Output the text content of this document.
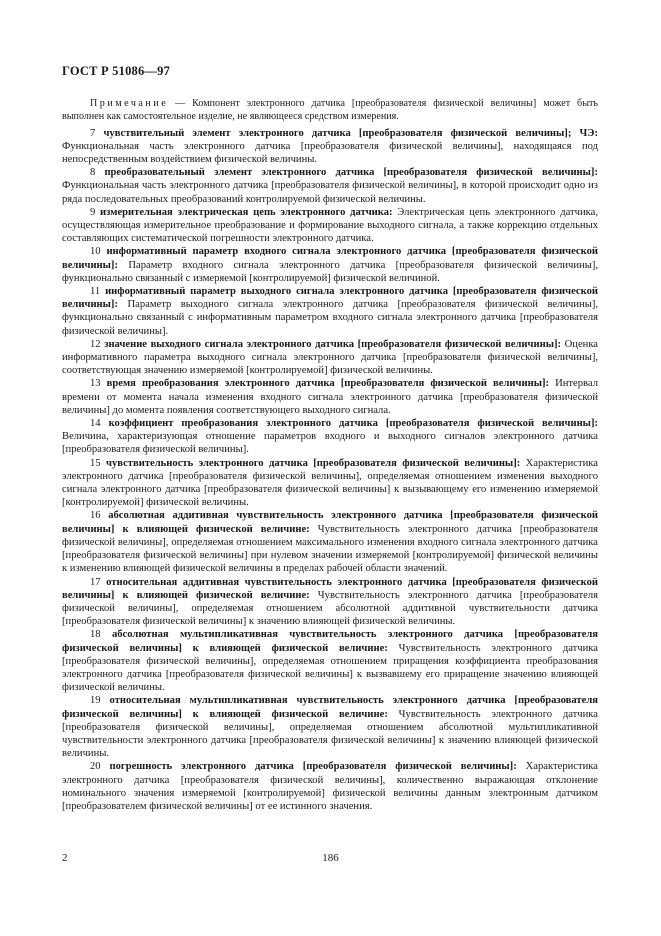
ГОСТ Р 51086—97

Примечание — Компонент электронного датчика [преобразователя физической величины] может быть выполнен как самостоятельное изделие, не являющееся средством измерения.

7 чувствительный элемент электронного датчика [преобразователя физической величины]; ЧЭ: Функциональная часть электронного датчика [преобразователя физической величины], находящаяся под непосредственным воздействием физической величины.

8 преобразовательный элемент электронного датчика [преобразователя физической величины]: Функциональная часть электронного датчика [преобразователя физической величины], в которой происходит одно из ряда последовательных преобразований контролируемой физической величины.

9 измерительная электрическая цепь электронного датчика: Электрическая цепь электронного датчика, осуществляющая измерительное преобразование и формирование выходного сигнала, а также коррекцию отдельных составляющих систематической погрешности электронного датчика.

10 информативный параметр входного сигнала электронного датчика [преобразователя физической величины]: Параметр входного сигнала электронного датчика [преобразователя физической величины], функционально связанный с измеряемой [контролируемой] физической величиной.

11 информативный параметр выходного сигнала электронного датчика [преобразователя физической величины]: Параметр выходного сигнала электронного датчика [преобразователя физической величины], функционально связанный с информативным параметром входного сигнала электронного датчика [преобразователя физической величины].

12 значение выходного сигнала электронного датчика [преобразователя физической величины]: Оценка информативного параметра выходного сигнала электронного датчика [преобразователя физической величины], соответствующая значению измеряемой [контролируемой] физической величины.

13 время преобразования электронного датчика [преобразователя физической величины]: Интервал времени от момента начала изменения входного сигнала электронного датчика [преобразователя физической величины] до момента появления соответствующего выходного сигнала.

14 коэффициент преобразования электронного датчика [преобразователя физической величины]: Величина, характеризующая отношение параметров входного и выходного сигналов электронного датчика [преобразователя физической величины].

15 чувствительность электронного датчика [преобразователя физической величины]: Характеристика электронного датчика [преобразователя физической величины], определяемая отношением изменения выходного сигнала электронного датчика [преобразователя физической величины] к вызывающему его изменению измеряемой [контролируемой] физической величины.

16 абсолютная аддитивная чувствительность электронного датчика [преобразователя физической величины] к влияющей физической величине: Чувствительность электронного датчика [преобразователя физической величины], определяемая отношением максимального изменения входного сигнала электронного датчика [преобразователя физической величины] при нулевом значении измеряемой [контролируемой] физической величины к изменению влияющей физической величины в пределах рабочей области значений.

17 относительная аддитивная чувствительность электронного датчика [преобразователя физической величины] к влияющей физической величине: Чувствительность электронного датчика [преобразователя физической величины], определяемая отношением абсолютной аддитивной чувствительности датчика [преобразователя физической величины] к значению влияющей физической величины.

18 абсолютная мультипликативная чувствительность электронного датчика [преобразователя физической величины] к влияющей физической величине: Чувствительность электронного датчика [преобразователя физической величины], определяемая отношением приращения коэффициента преобразования электронного датчика [преобразователя физической величины] к вызвавшему его приращение значению влияющей физической величины.

19 относительная мультипликативная чувствительность электронного датчика [преобразователя физической величины] к влияющей физической величине: Чувствительность электронного датчика [преобразователя физической величины], определяемая отношением абсолютной мультипликативной чувствительности электронного датчика [преобразователя физической величины] к значению влияющей физической величины.

20 погрешность электронного датчика [преобразователя физической величины]: Характеристика электронного датчика [преобразователя физической величины], количественно выражающая отклонение номинального значения измеряемой [контролируемой] физической величины данным электронным датчиком [преобразователем физической величины] от ее истинного значения.

2	186
